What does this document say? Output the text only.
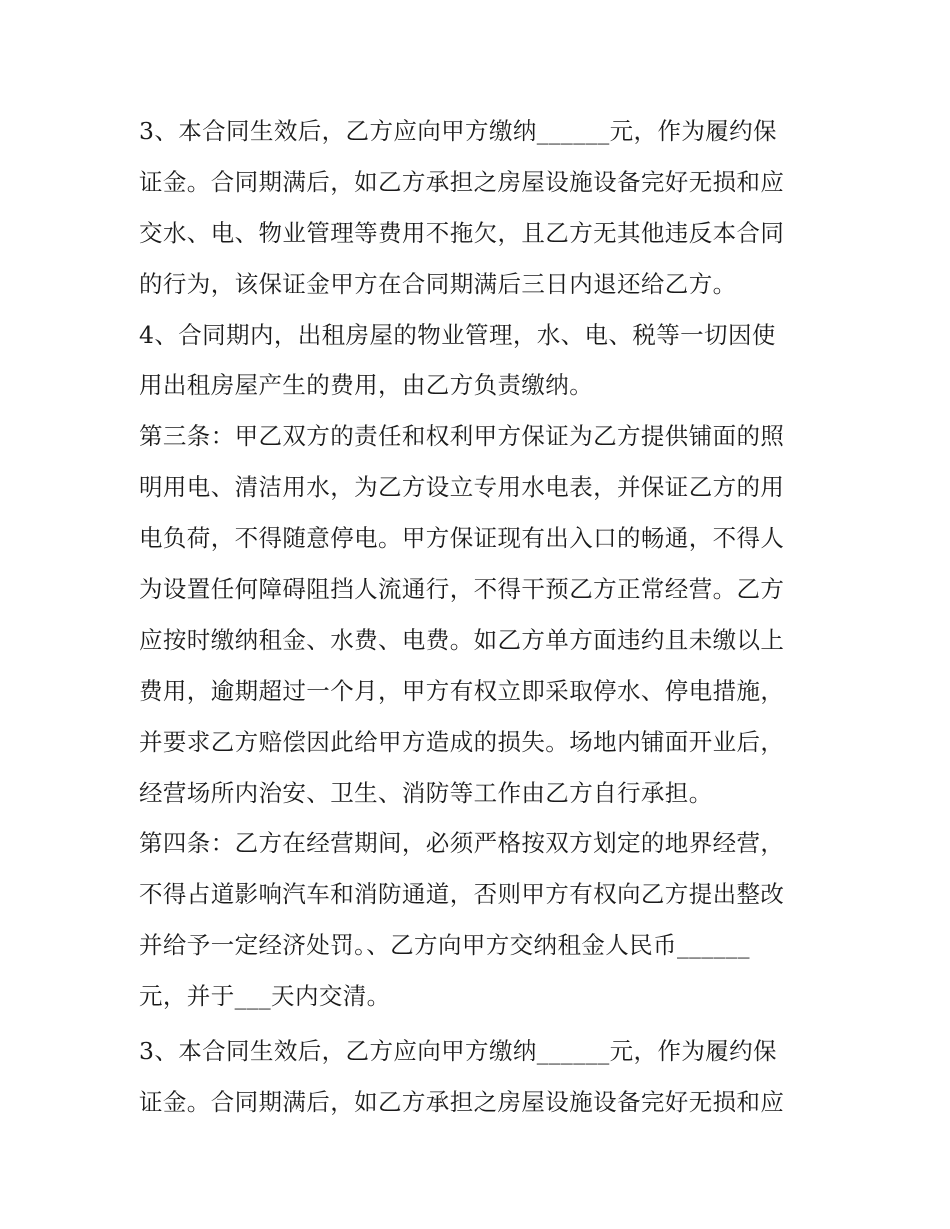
3、本合同生效后，乙方应向甲方缴纳______元，作为履约保
证金。合同期满后，如乙方承担之房屋设施设备完好无损和应
交水、电、物业管理等费用不拖欠，且乙方无其他违反本合同
的行为，该保证金甲方在合同期满后三日内退还给乙方。
4、合同期内，出租房屋的物业管理，水、电、税等一切因使
用出租房屋产生的费用，由乙方负责缴纳。
第三条：甲乙双方的责任和权利甲方保证为乙方提供铺面的照
明用电、清洁用水，为乙方设立专用水电表，并保证乙方的用
电负荷，不得随意停电。甲方保证现有出入口的畅通，不得人
为设置任何障碍阻挡人流通行，不得干预乙方正常经营。乙方
应按时缴纳租金、水费、电费。如乙方单方面违约且未缴以上
费用，逾期超过一个月，甲方有权立即采取停水、停电措施，
并要求乙方赔偿因此给甲方造成的损失。场地内铺面开业后，
经营场所内治安、卫生、消防等工作由乙方自行承担。
第四条：乙方在经营期间，必须严格按双方划定的地界经营，
不得占道影响汽车和消防通道，否则甲方有权向乙方提出整改
并给予一定经济处罚。、乙方向甲方交纳租金人民币______
元，并于___天内交清。
3、本合同生效后，乙方应向甲方缴纳______元，作为履约保
证金。合同期满后，如乙方承担之房屋设施设备完好无损和应
